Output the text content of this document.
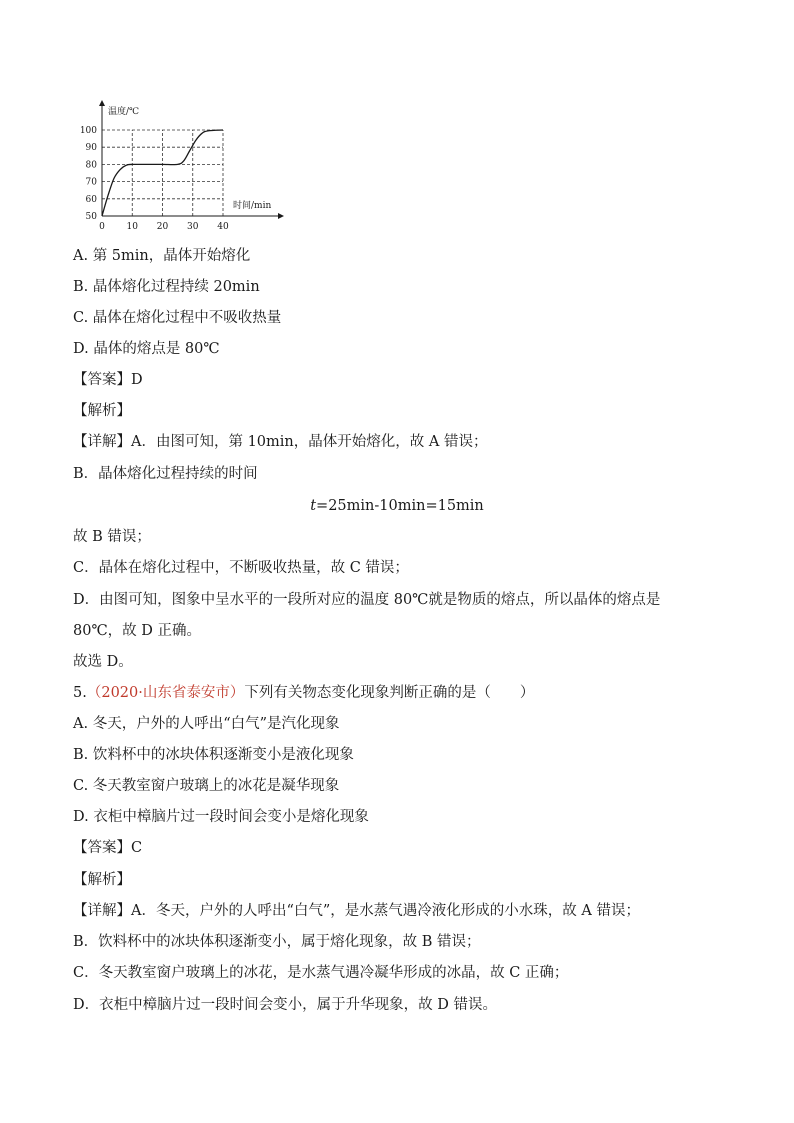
50
60
70
80
90
100
0 10 20 30 40
温度/℃
时间/min
A. 第 5min，晶体开始熔化
B. 晶体熔化过程持续 20min
C. 晶体在熔化过程中不吸收热量
D. 晶体的熔点是 80℃
【答案】D
【解析】
【详解】A．由图可知，第 10min，晶体开始熔化，故 A 错误；
B．晶体熔化过程持续的时间
t=25min-10min=15min
故 B 错误；
C．晶体在熔化过程中，不断吸收热量，故 C 错误；
D．由图可知，图象中呈水平的一段所对应的温度 80℃就是物质的熔点，所以晶体的熔点是
80℃，故 D 正确。
故选 D。
5.（2020·山东省泰安市）下列有关物态变化现象判断正确的是（　　）
A. 冬天，户外的人呼出“白气”是汽化现象
B. 饮料杯中的冰块体积逐渐变小是液化现象
C. 冬天教室窗户玻璃上的冰花是凝华现象
D. 衣柜中樟脑片过一段时间会变小是熔化现象
【答案】C
【解析】
【详解】A．冬天，户外的人呼出“白气”，是水蒸气遇冷液化形成的小水珠，故 A 错误；
B．饮料杯中的冰块体积逐渐变小，属于熔化现象，故 B 错误；
C．冬天教室窗户玻璃上的冰花，是水蒸气遇冷凝华形成的冰晶，故 C 正确；
D．衣柜中樟脑片过一段时间会变小，属于升华现象，故 D 错误。
